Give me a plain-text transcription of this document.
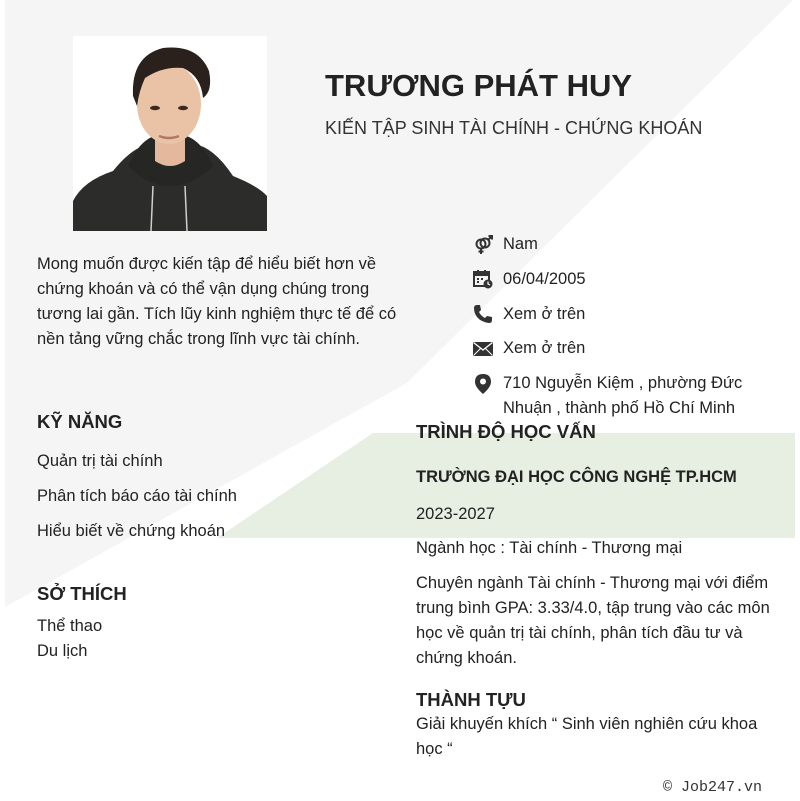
TRƯƠNG PHÁT HUY
KIẾN TẬP SINH TÀI CHÍNH - CHỨNG KHOÁN
Mong muốn được kiến tập để hiểu biết hơn về chứng khoán và có thể vận dụng chúng trong tương lai gần. Tích lũy kinh nghiệm thực tế để có nền tảng vững chắc trong lĩnh vực tài chính.
Nam
06/04/2005
Xem ở trên
Xem ở trên
710 Nguyễn Kiệm , phường Đức Nhuận , thành phố Hồ Chí Minh
KỸ NĂNG
Quản trị tài chính
Phân tích báo cáo tài chính
Hiểu biết về chứng khoán
SỞ THÍCH
Thể thao
Du lịch
TRÌNH ĐỘ HỌC VẤN
TRƯỜNG ĐẠI HỌC CÔNG NGHỆ TP.HCM
2023-2027
Ngành học : Tài chính - Thương mại
Chuyên ngành Tài chính - Thương mại với điểm trung bình GPA: 3.33/4.0, tập trung vào các môn học về quản trị tài chính, phân tích đầu tư và chứng khoán.
THÀNH TỰU
Giải khuyến khích “ Sinh viên nghiên cứu khoa học “
© Job247.vn
